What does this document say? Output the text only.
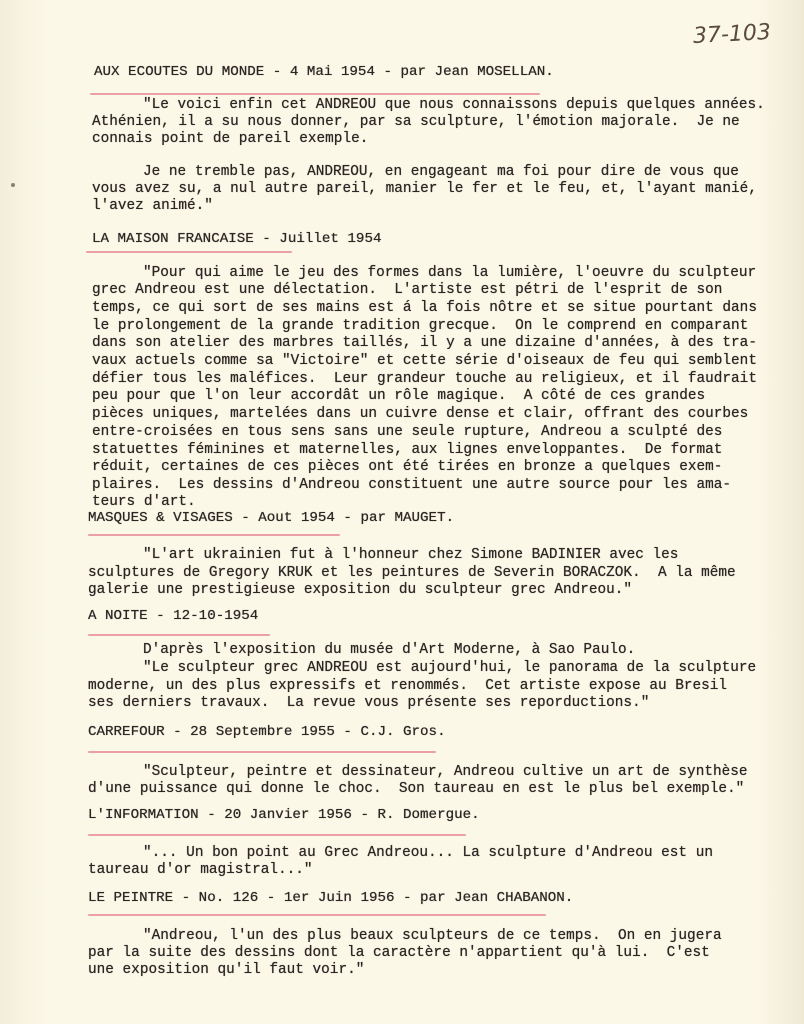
37-103
AUX ECOUTES DU MONDE - 4 Mai 1954 - par Jean MOSELLAN.
"Le voici enfin cet ANDREOU que nous connaissons depuis quelques années.
Athénien, il a su nous donner, par sa sculpture, l'émotion majorale.  Je ne
connais point de pareil exemple.
Je ne tremble pas, ANDREOU, en engageant ma foi pour dire de vous que
vous avez su, a nul autre pareil, manier le fer et le feu, et, l'ayant manié,
l'avez animé."
LA MAISON FRANCAISE - Juillet 1954
"Pour qui aime le jeu des formes dans la lumière, l'oeuvre du sculpteur
grec Andreou est une délectation.  L'artiste est pétri de l'esprit de son
temps, ce qui sort de ses mains est á la fois nôtre et se situe pourtant dans
le prolongement de la grande tradition grecque.  On le comprend en comparant
dans son atelier des marbres taillés, il y a une dizaine d'années, à des tra-
vaux actuels comme sa "Victoire" et cette série d'oiseaux de feu qui semblent
défier tous les maléfices.  Leur grandeur touche au religieux, et il faudrait
peu pour que l'on leur accordât un rôle magique.  A côté de ces grandes
pièces uniques, martelées dans un cuivre dense et clair, offrant des courbes
entre-croisées en tous sens sans une seule rupture, Andreou a sculpté des
statuettes féminines et maternelles, aux lignes enveloppantes.  De format
réduit, certaines de ces pièces ont été tirées en bronze a quelques exem-
plaires.  Les dessins d'Andreou constituent une autre source pour les ama-
teurs d'art.
MASQUES & VISAGES - Aout 1954 - par MAUGET.
"L'art ukrainien fut à l'honneur chez Simone BADINIER avec les
sculptures de Gregory KRUK et les peintures de Severin BORACZOK.  A la même
galerie une prestigieuse exposition du sculpteur grec Andreou."
A NOITE - 12-10-1954
D'après l'exposition du musée d'Art Moderne, à Sao Paulo.
"Le sculpteur grec ANDREOU est aujourd'hui, le panorama de la sculpture
moderne, un des plus expressifs et renommés.  Cet artiste expose au Bresil
ses derniers travaux.  La revue vous présente ses reporductions."
CARREFOUR - 28 Septembre 1955 - C.J. Gros.
"Sculpteur, peintre et dessinateur, Andreou cultive un art de synthèse
d'une puissance qui donne le choc.  Son taureau en est le plus bel exemple."
L'INFORMATION - 20 Janvier 1956 - R. Domergue.
"... Un bon point au Grec Andreou... La sculpture d'Andreou est un
taureau d'or magistral..."
LE PEINTRE - No. 126 - 1er Juin 1956 - par Jean CHABANON.
"Andreou, l'un des plus beaux sculpteurs de ce temps.  On en jugera
par la suite des dessins dont la caractère n'appartient qu'à lui.  C'est
une exposition qu'il faut voir."
